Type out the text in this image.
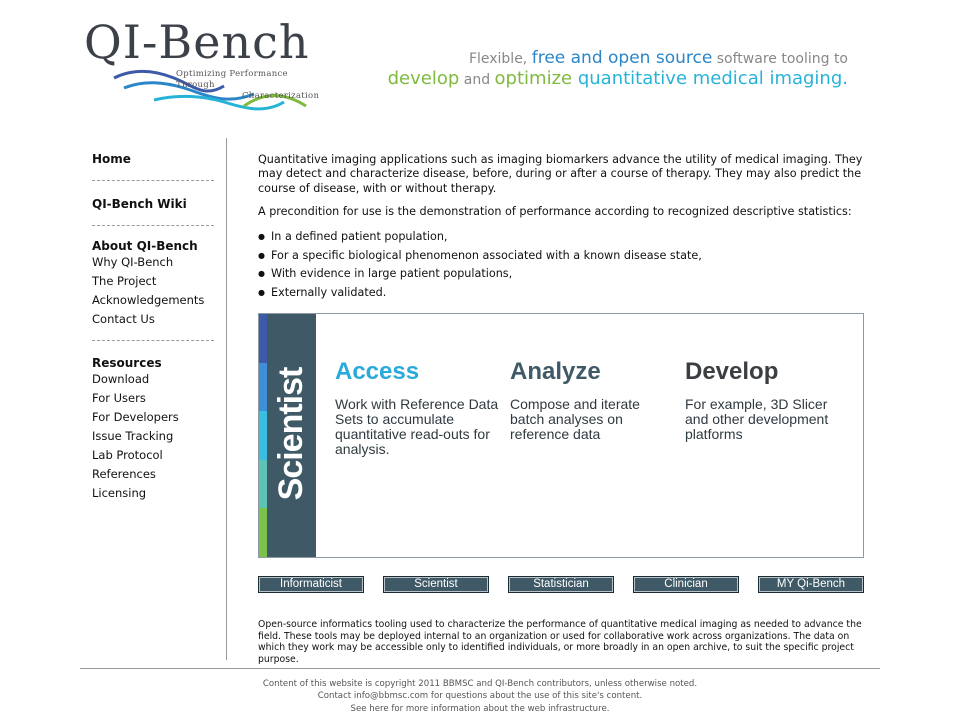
QI-Bench
Optimizing Performance Through
Characterization
Flexible, free and open source software tooling to
develop and optimize quantitative medical imaging.
Home
QI-Bench Wiki
About QI-Bench
Why QI-Bench
The Project
Acknowledgements
Contact Us
Resources
Download
For Users
For Developers
Issue Tracking
Lab Protocol
References
Licensing

Quantitative imaging applications such as imaging biomarkers advance the utility of medical imaging. They may detect and characterize disease, before, during or after a course of therapy. They may also predict the course of disease, with or without therapy.

A precondition for use is the demonstration of performance according to recognized descriptive statistics:

● In a defined patient population,
● For a specific biological phenomenon associated with a known disease state,
● With evidence in large patient populations,
● Externally validated.
Scientist Access
Work with Reference Data Sets to accumulate quantitative read-outs for analysis.
Analyze
Compose and iterate batch analyses on reference data
Develop
For example, 3D Slicer and other development platforms
Informaticist	Scientist	Statistician	Clinician	MY Qi-Bench

Open-source informatics tooling used to characterize the performance of quantitative medical imaging as needed to advance the field. These tools may be deployed internal to an organization or used for collaborative work across organizations. The data on which they work may be accessible only to identified individuals, or more broadly in an open archive, to suit the specific project purpose.

Content of this website is copyright 2011 BBMSC and QI-Bench contributors, unless otherwise noted.
Contact info@bbmsc.com for questions about the use of this site's content.
See here for more information about the web infrastructure.
